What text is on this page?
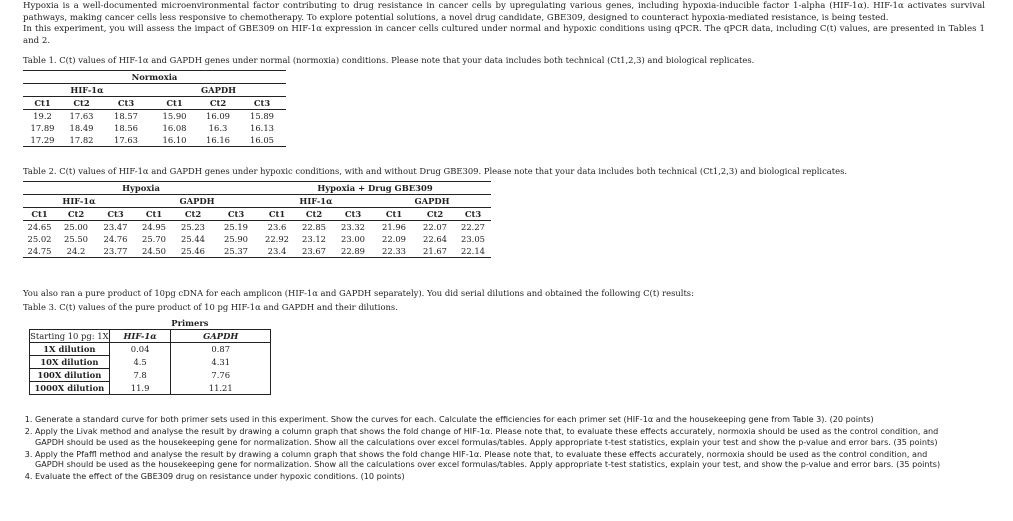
Hypoxia is a well-documented microenvironmental factor contributing to drug resistance in cancer cells by upregulating various genes, including hypoxia-inducible factor 1-alpha (HIF-1α). HIF-1α activates survival pathways, making cancer cells less responsive to chemotherapy. To explore potential solutions, a novel drug candidate, GBE309, designed to counteract hypoxia-mediated resistance, is being tested.

In this experiment, you will assess the impact of GBE309 on HIF-1α expression in cancer cells cultured under normal and hypoxic conditions using qPCR. The qPCR data, including C(t) values, are presented in Tables 1 and 2.

Table 1. C(t) values of HIF-1α and GAPDH genes under normal (normoxia) conditions. Please note that your data includes both technical (Ct1,2,3) and biological replicates.
Normoxia					
HIF-1α			GAPDH		
Ct1	Ct2	Ct3	Ct1	Ct2	Ct3
19.2	17.63	18.57	15.90	16.09	15.89
17.89	18.49	18.56	16.08	16.3	16.13
17.29	17.82	17.63	16.10	16.16	16.05
Table 2. C(t) values of HIF-1α and GAPDH genes under hypoxic conditions, with and without Drug GBE309. Please note that your data includes both technical (Ct1,2,3) and biological replicates.
Hypoxia						Hypoxia + Drug GBE309					
HIF-1α			GAPDH			HIF-1α			GAPDH		
Ct1	Ct2	Ct3	Ct1	Ct2	Ct3	Ct1	Ct2	Ct3	Ct1	Ct2	Ct3
24.65	25.00	23.47	24.95	25.23	25.19	23.6	22.85	23.32	21.96	22.07	22.27
25.02	25.50	24.76	25.70	25.44	25.90	22.92	23.12	23.00	22.09	22.64	23.05
24.75	24.2	23.77	24.50	25.46	25.37	23.4	23.67	22.89	22.33	21.67	22.14
You also ran a pure product of 10pg cDNA for each amplicon (HIF-1α and GAPDH separately). You did serial dilutions and obtained the following C(t) results:
Table 3. C(t) values of the pure product of 10 pg HIF-1α and GAPDH and their dilutions.
	Primers	
Starting 10 pg: 1X	HIF-1α	GAPDH
1X dilution	0.04	0.87
10X dilution	4.5	4.31
100X dilution	7.8	7.76
1000X dilution	11.9	11.21
1. Generate a standard curve for both primer sets used in this experiment. Show the curves for each. Calculate the efficiencies for each primer set (HIF-1α and the housekeeping gene from Table 3). (20 points)
2. Apply the Livak method and analyse the result by drawing a column graph that shows the fold change of HIF-1α. Please note that, to evaluate these effects accurately, normoxia should be used as the control condition, and GAPDH should be used as the housekeeping gene for normalization. Show all the calculations over excel formulas/tables. Apply appropriate t-test statistics, explain your test and show the p-value and error bars. (35 points)
3. Apply the Pfaffl method and analyse the result by drawing a column graph that shows the fold change HIF-1α. Please note that, to evaluate these effects accurately, normoxia should be used as the control condition, and GAPDH should be used as the housekeeping gene for normalization. Show all the calculations over excel formulas/tables. Apply appropriate t-test statistics, explain your test, and show the p-value and error bars. (35 points)
4. Evaluate the effect of the GBE309 drug on resistance under hypoxic conditions. (10 points)
